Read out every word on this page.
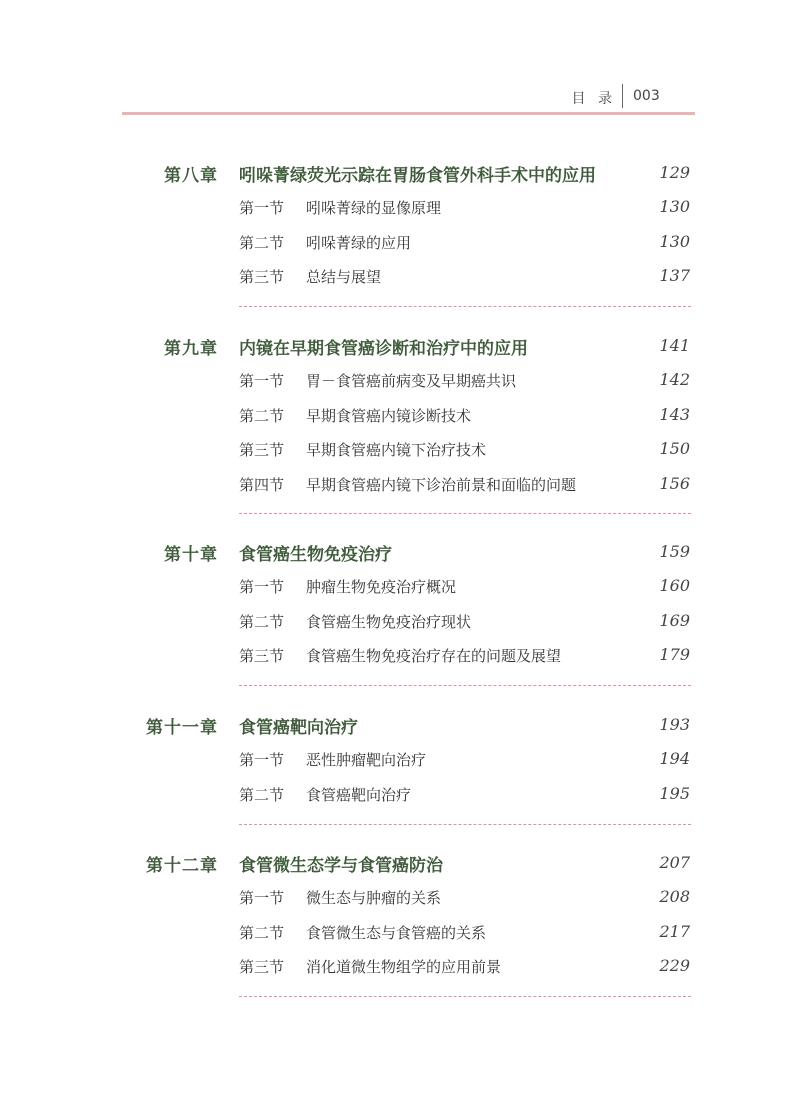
目 录 003
第八章 吲哚菁绿荧光示踪在胃肠食管外科手术中的应用	129
第一节 吲哚菁绿的显像原理	130
第二节 吲哚菁绿的应用	130
第三节 总结与展望	137
第九章 内镜在早期食管癌诊断和治疗中的应用	141
第一节 胃－食管癌前病变及早期癌共识	142
第二节 早期食管癌内镜诊断技术	143
第三节 早期食管癌内镜下治疗技术	150
第四节 早期食管癌内镜下诊治前景和面临的问题	156
第十章 食管癌生物免疫治疗	159
第一节 肿瘤生物免疫治疗概况	160
第二节 食管癌生物免疫治疗现状	169
第三节 食管癌生物免疫治疗存在的问题及展望	179
第十一章 食管癌靶向治疗	193
第一节 恶性肿瘤靶向治疗	194
第二节 食管癌靶向治疗	195
第十二章 食管微生态学与食管癌防治	207
第一节 微生态与肿瘤的关系	208
第二节 食管微生态与食管癌的关系	217
第三节 消化道微生物组学的应用前景	229
